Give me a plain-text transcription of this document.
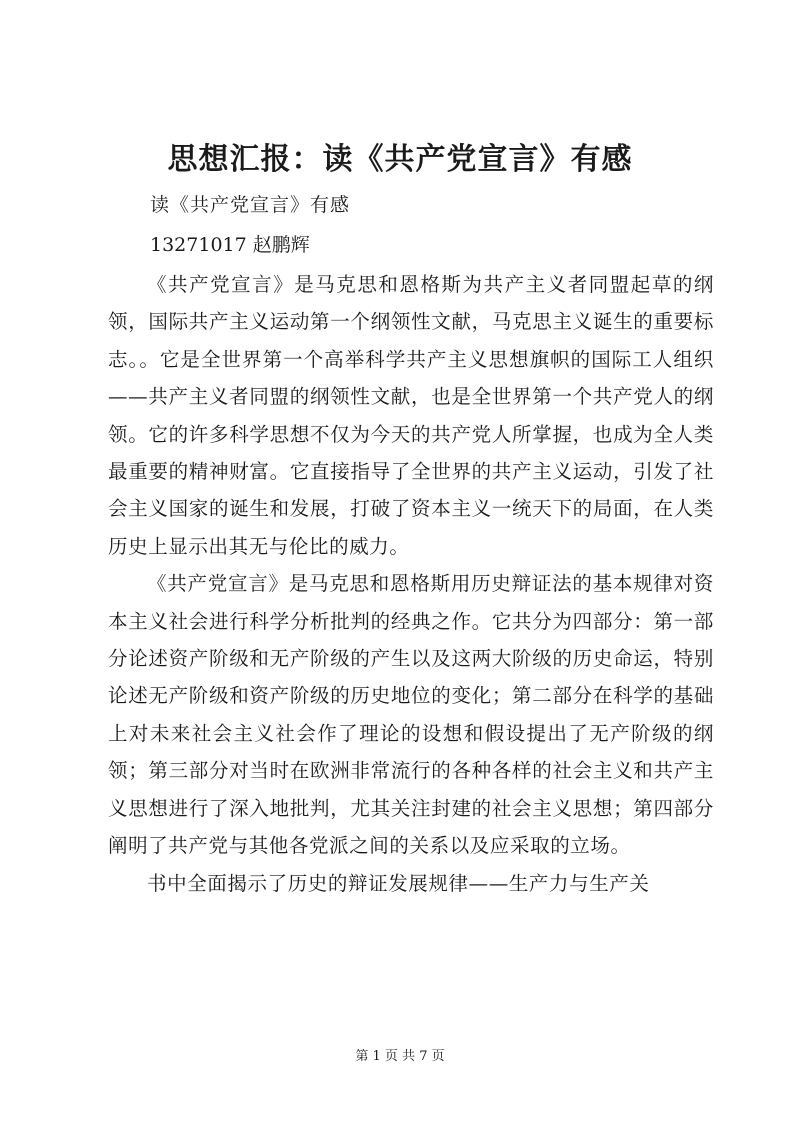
思想汇报：读《共产党宣言》有感

读《共产党宣言》有感

13271017 赵鹏辉

《共产党宣言》是马克思和恩格斯为共产主义者同盟起草的纲领，国际共产主义运动第一个纲领性文献，马克思主义诞生的重要标志。。它是全世界第一个高举科学共产主义思想旗帜的国际工人组织——共产主义者同盟的纲领性文献，也是全世界第一个共产党人的纲领。它的许多科学思想不仅为今天的共产党人所掌握，也成为全人类最重要的精神财富。它直接指导了全世界的共产主义运动，引发了社会主义国家的诞生和发展，打破了资本主义一统天下的局面，在人类历史上显示出其无与伦比的威力。

《共产党宣言》是马克思和恩格斯用历史辩证法的基本规律对资本主义社会进行科学分析批判的经典之作。它共分为四部分：第一部分论述资产阶级和无产阶级的产生以及这两大阶级的历史命运，特别论述无产阶级和资产阶级的历史地位的变化；第二部分在科学的基础上对未来社会主义社会作了理论的设想和假设提出了无产阶级的纲领；第三部分对当时在欧洲非常流行的各种各样的社会主义和共产主义思想进行了深入地批判，尤其关注封建的社会主义思想；第四部分阐明了共产党与其他各党派之间的关系以及应采取的立场。

书中全面揭示了历史的辩证发展规律——生产力与生产关

第 1 页 共 7 页
